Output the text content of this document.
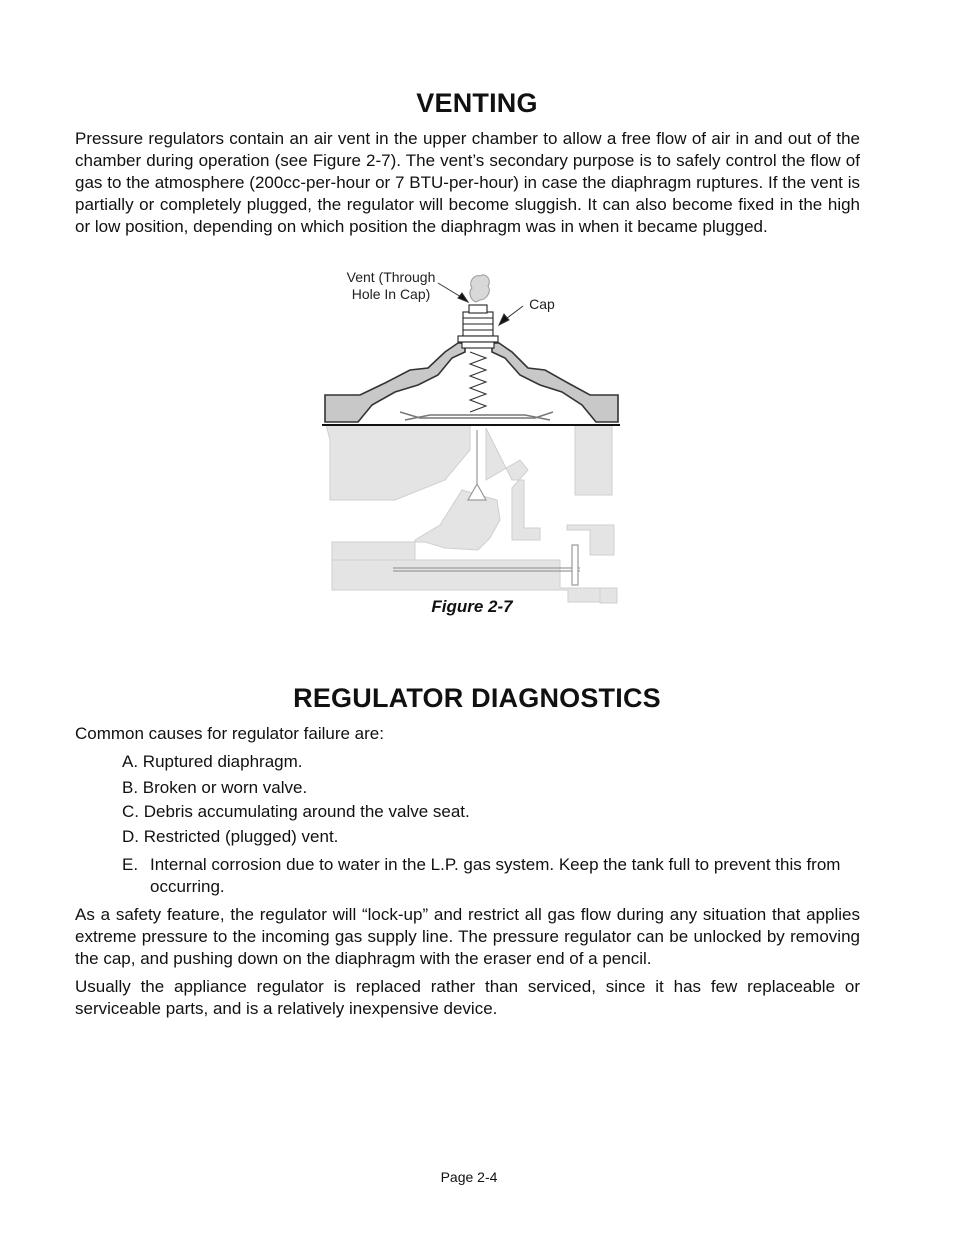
VENTING

Pressure regulators contain an air vent in the upper chamber to allow a free flow of air in and out of the chamber during operation (see Figure 2-7). The vent’s secondary purpose is to safely control the flow of gas to the atmosphere (200cc-per-hour or 7 BTU-per-hour) in case the diaphragm ruptures. If the vent is partially or completely plugged, the regulator will become sluggish. It can also become fixed in the high or low position, depending on which position the diaphragm was in when it became plugged.

Vent (Through
Hole In Cap)
Cap
Figure 2-7
REGULATOR DIAGNOSTICS

Common causes for regulator failure are:

A. Ruptured diaphragm.
B. Broken or worn valve.
C. Debris accumulating around the valve seat.
D. Restricted (plugged) vent.
E. Internal corrosion due to water in the L.P. gas system. Keep the tank full to prevent this from occurring.

As a safety feature, the regulator will “lock-up” and restrict all gas flow during any situation that applies extreme pressure to the incoming gas supply line. The pressure regulator can be unlocked by removing the cap, and pushing down on the diaphragm with the eraser end of a pencil.

Usually the appliance regulator is replaced rather than serviced, since it has few replaceable or serviceable parts, and is a relatively inexpensive device.

Page 2-4
